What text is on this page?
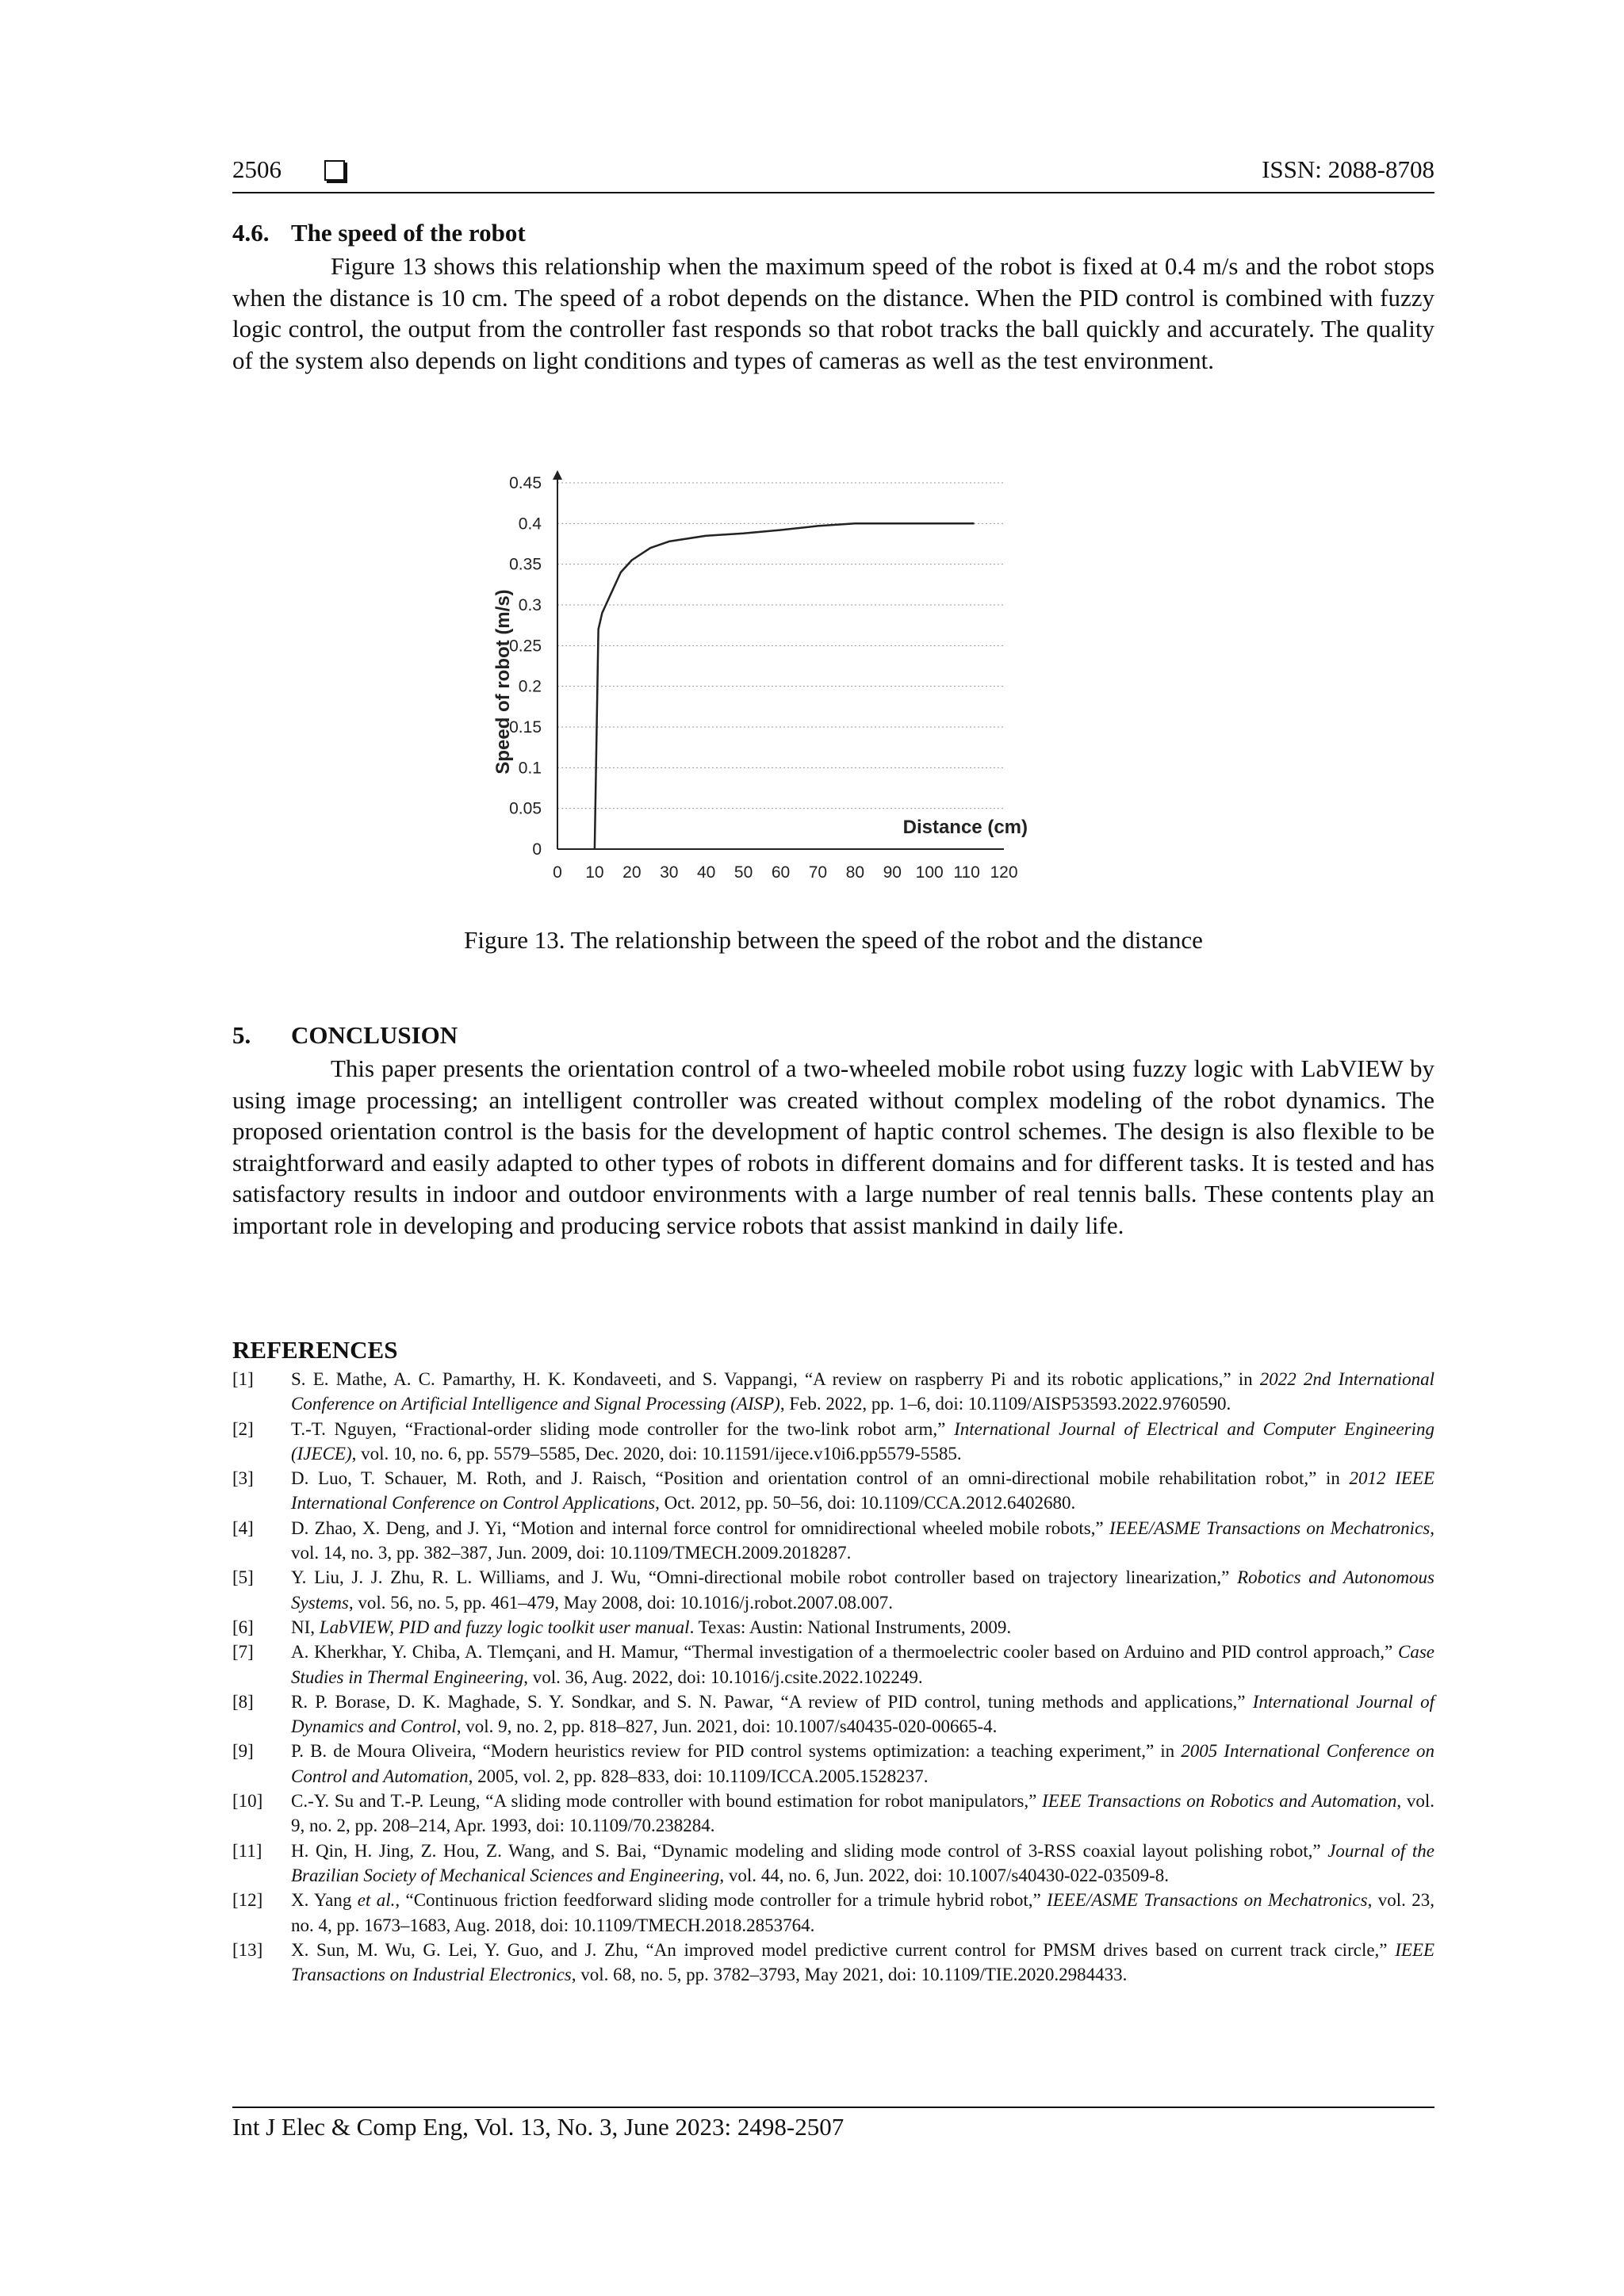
2506	ISSN: 2088-8708
4.6. The speed of the robot
Figure 13 shows this relationship when the maximum speed of the robot is fixed at 0.4 m/s and the robot stops when the distance is 10 cm. The speed of a robot depends on the distance. When the PID control is combined with fuzzy logic control, the output from the controller fast responds so that robot tracks the ball quickly and accurately. The quality of the system also depends on light conditions and types of cameras as well as the test environment.
0
0.05
0.1
0.15
0.2
0.25
0.3
0.35
0.4
0.45
0 10 20 30 40 50 60 70 80 90 100 110 120
Speed of robot (m/s)
Distance (cm)
Figure 13. The relationship between the speed of the robot and the distance
5. CONCLUSION
This paper presents the orientation control of a two-wheeled mobile robot using fuzzy logic with LabVIEW by using image processing; an intelligent controller was created without complex modeling of the robot dynamics. The proposed orientation control is the basis for the development of haptic control schemes. The design is also flexible to be straightforward and easily adapted to other types of robots in different domains and for different tasks. It is tested and has satisfactory results in indoor and outdoor environments with a large number of real tennis balls. These contents play an important role in developing and producing service robots that assist mankind in daily life.
REFERENCES
[1] S. E. Mathe, A. C. Pamarthy, H. K. Kondaveeti, and S. Vappangi, “A review on raspberry Pi and its robotic applications,” in 2022 2nd International Conference on Artificial Intelligence and Signal Processing (AISP), Feb. 2022, pp. 1–6, doi: 10.1109/AISP53593.2022.9760590.
[2] T.-T. Nguyen, “Fractional-order sliding mode controller for the two-link robot arm,” International Journal of Electrical and Computer Engineering (IJECE), vol. 10, no. 6, pp. 5579–5585, Dec. 2020, doi: 10.11591/ijece.v10i6.pp5579-5585.
[3] D. Luo, T. Schauer, M. Roth, and J. Raisch, “Position and orientation control of an omni-directional mobile rehabilitation robot,” in 2012 IEEE International Conference on Control Applications, Oct. 2012, pp. 50–56, doi: 10.1109/CCA.2012.6402680.
[4] D. Zhao, X. Deng, and J. Yi, “Motion and internal force control for omnidirectional wheeled mobile robots,” IEEE/ASME Transactions on Mechatronics, vol. 14, no. 3, pp. 382–387, Jun. 2009, doi: 10.1109/TMECH.2009.2018287.
[5] Y. Liu, J. J. Zhu, R. L. Williams, and J. Wu, “Omni-directional mobile robot controller based on trajectory linearization,” Robotics and Autonomous Systems, vol. 56, no. 5, pp. 461–479, May 2008, doi: 10.1016/j.robot.2007.08.007.
[6] NI, LabVIEW, PID and fuzzy logic toolkit user manual. Texas: Austin: National Instruments, 2009.
[7] A. Kherkhar, Y. Chiba, A. Tlemçani, and H. Mamur, “Thermal investigation of a thermoelectric cooler based on Arduino and PID control approach,” Case Studies in Thermal Engineering, vol. 36, Aug. 2022, doi: 10.1016/j.csite.2022.102249.
[8] R. P. Borase, D. K. Maghade, S. Y. Sondkar, and S. N. Pawar, “A review of PID control, tuning methods and applications,” International Journal of Dynamics and Control, vol. 9, no. 2, pp. 818–827, Jun. 2021, doi: 10.1007/s40435-020-00665-4.
[9] P. B. de Moura Oliveira, “Modern heuristics review for PID control systems optimization: a teaching experiment,” in 2005 International Conference on Control and Automation, 2005, vol. 2, pp. 828–833, doi: 10.1109/ICCA.2005.1528237.
[10] C.-Y. Su and T.-P. Leung, “A sliding mode controller with bound estimation for robot manipulators,” IEEE Transactions on Robotics and Automation, vol. 9, no. 2, pp. 208–214, Apr. 1993, doi: 10.1109/70.238284.
[11] H. Qin, H. Jing, Z. Hou, Z. Wang, and S. Bai, “Dynamic modeling and sliding mode control of 3-RSS coaxial layout polishing robot,” Journal of the Brazilian Society of Mechanical Sciences and Engineering, vol. 44, no. 6, Jun. 2022, doi: 10.1007/s40430-022-03509-8.
[12] X. Yang et al., “Continuous friction feedforward sliding mode controller for a trimule hybrid robot,” IEEE/ASME Transactions on Mechatronics, vol. 23, no. 4, pp. 1673–1683, Aug. 2018, doi: 10.1109/TMECH.2018.2853764.
[13] X. Sun, M. Wu, G. Lei, Y. Guo, and J. Zhu, “An improved model predictive current control for PMSM drives based on current track circle,” IEEE Transactions on Industrial Electronics, vol. 68, no. 5, pp. 3782–3793, May 2021, doi: 10.1109/TIE.2020.2984433.
Int J Elec & Comp Eng, Vol. 13, No. 3, June 2023: 2498-2507
